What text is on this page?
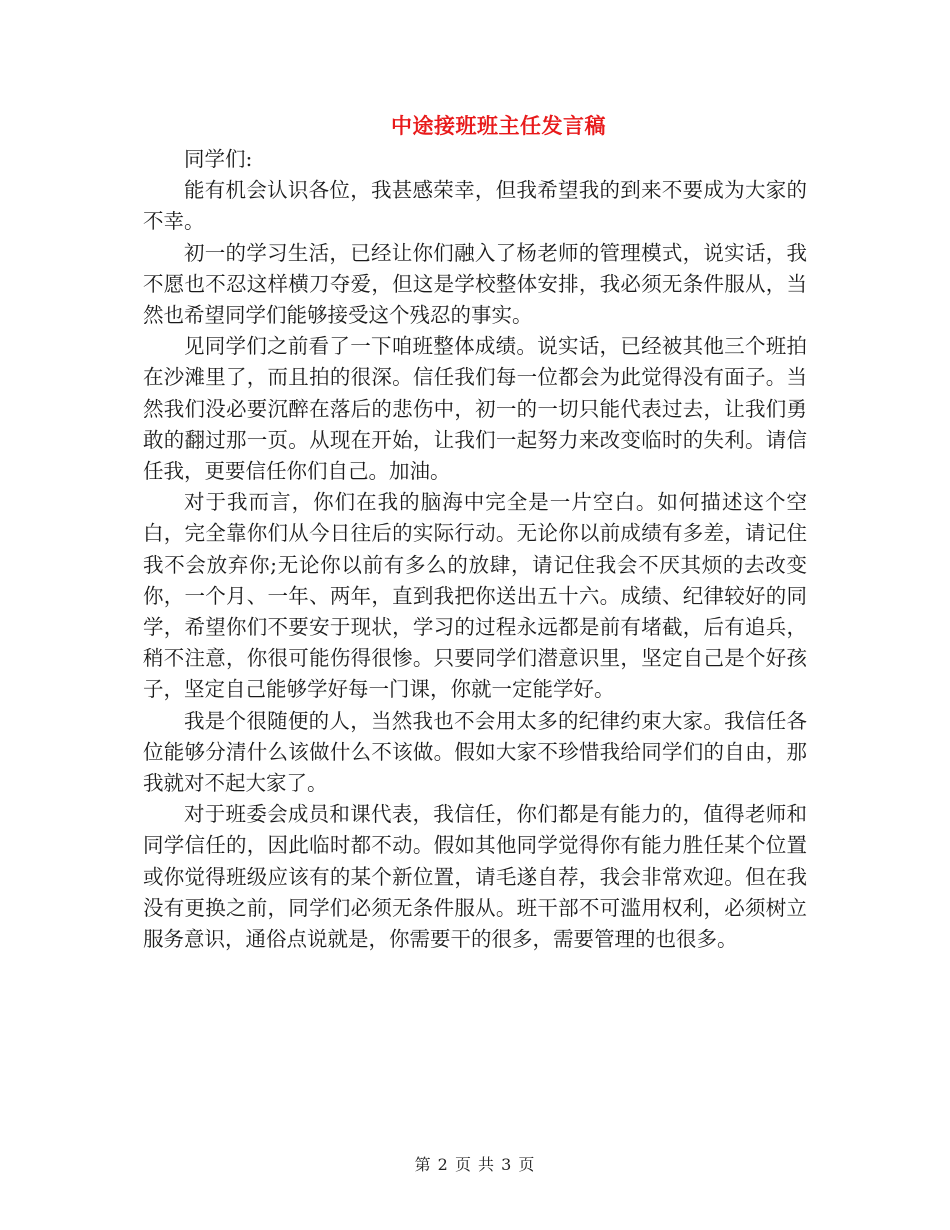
中途接班班主任发言稿

同学们:

能有机会认识各位，我甚感荣幸，但我希望我的到来不要成为大家的不幸。

初一的学习生活，已经让你们融入了杨老师的管理模式，说实话，我不愿也不忍这样横刀夺爱，但这是学校整体安排，我必须无条件服从，当然也希望同学们能够接受这个残忍的事实。

见同学们之前看了一下咱班整体成绩。说实话，已经被其他三个班拍在沙滩里了，而且拍的很深。信任我们每一位都会为此觉得没有面子。当然我们没必要沉醉在落后的悲伤中，初一的一切只能代表过去，让我们勇敢的翻过那一页。从现在开始，让我们一起努力来改变临时的失利。请信任我，更要信任你们自己。加油。

对于我而言，你们在我的脑海中完全是一片空白。如何描述这个空白，完全靠你们从今日往后的实际行动。无论你以前成绩有多差，请记住我不会放弃你;无论你以前有多么的放肆，请记住我会不厌其烦的去改变你，一个月、一年、两年，直到我把你送出五十六。成绩、纪律较好的同学，希望你们不要安于现状，学习的过程永远都是前有堵截，后有追兵，稍不注意，你很可能伤得很惨。只要同学们潜意识里，坚定自己是个好孩子，坚定自己能够学好每一门课，你就一定能学好。

我是个很随便的人，当然我也不会用太多的纪律约束大家。我信任各位能够分清什么该做什么不该做。假如大家不珍惜我给同学们的自由，那我就对不起大家了。

对于班委会成员和课代表，我信任，你们都是有能力的，值得老师和同学信任的，因此临时都不动。假如其他同学觉得你有能力胜任某个位置或你觉得班级应该有的某个新位置，请毛遂自荐，我会非常欢迎。但在我没有更换之前，同学们必须无条件服从。班干部不可滥用权利，必须树立服务意识，通俗点说就是，你需要干的很多，需要管理的也很多。

第 2 页 共 3 页
